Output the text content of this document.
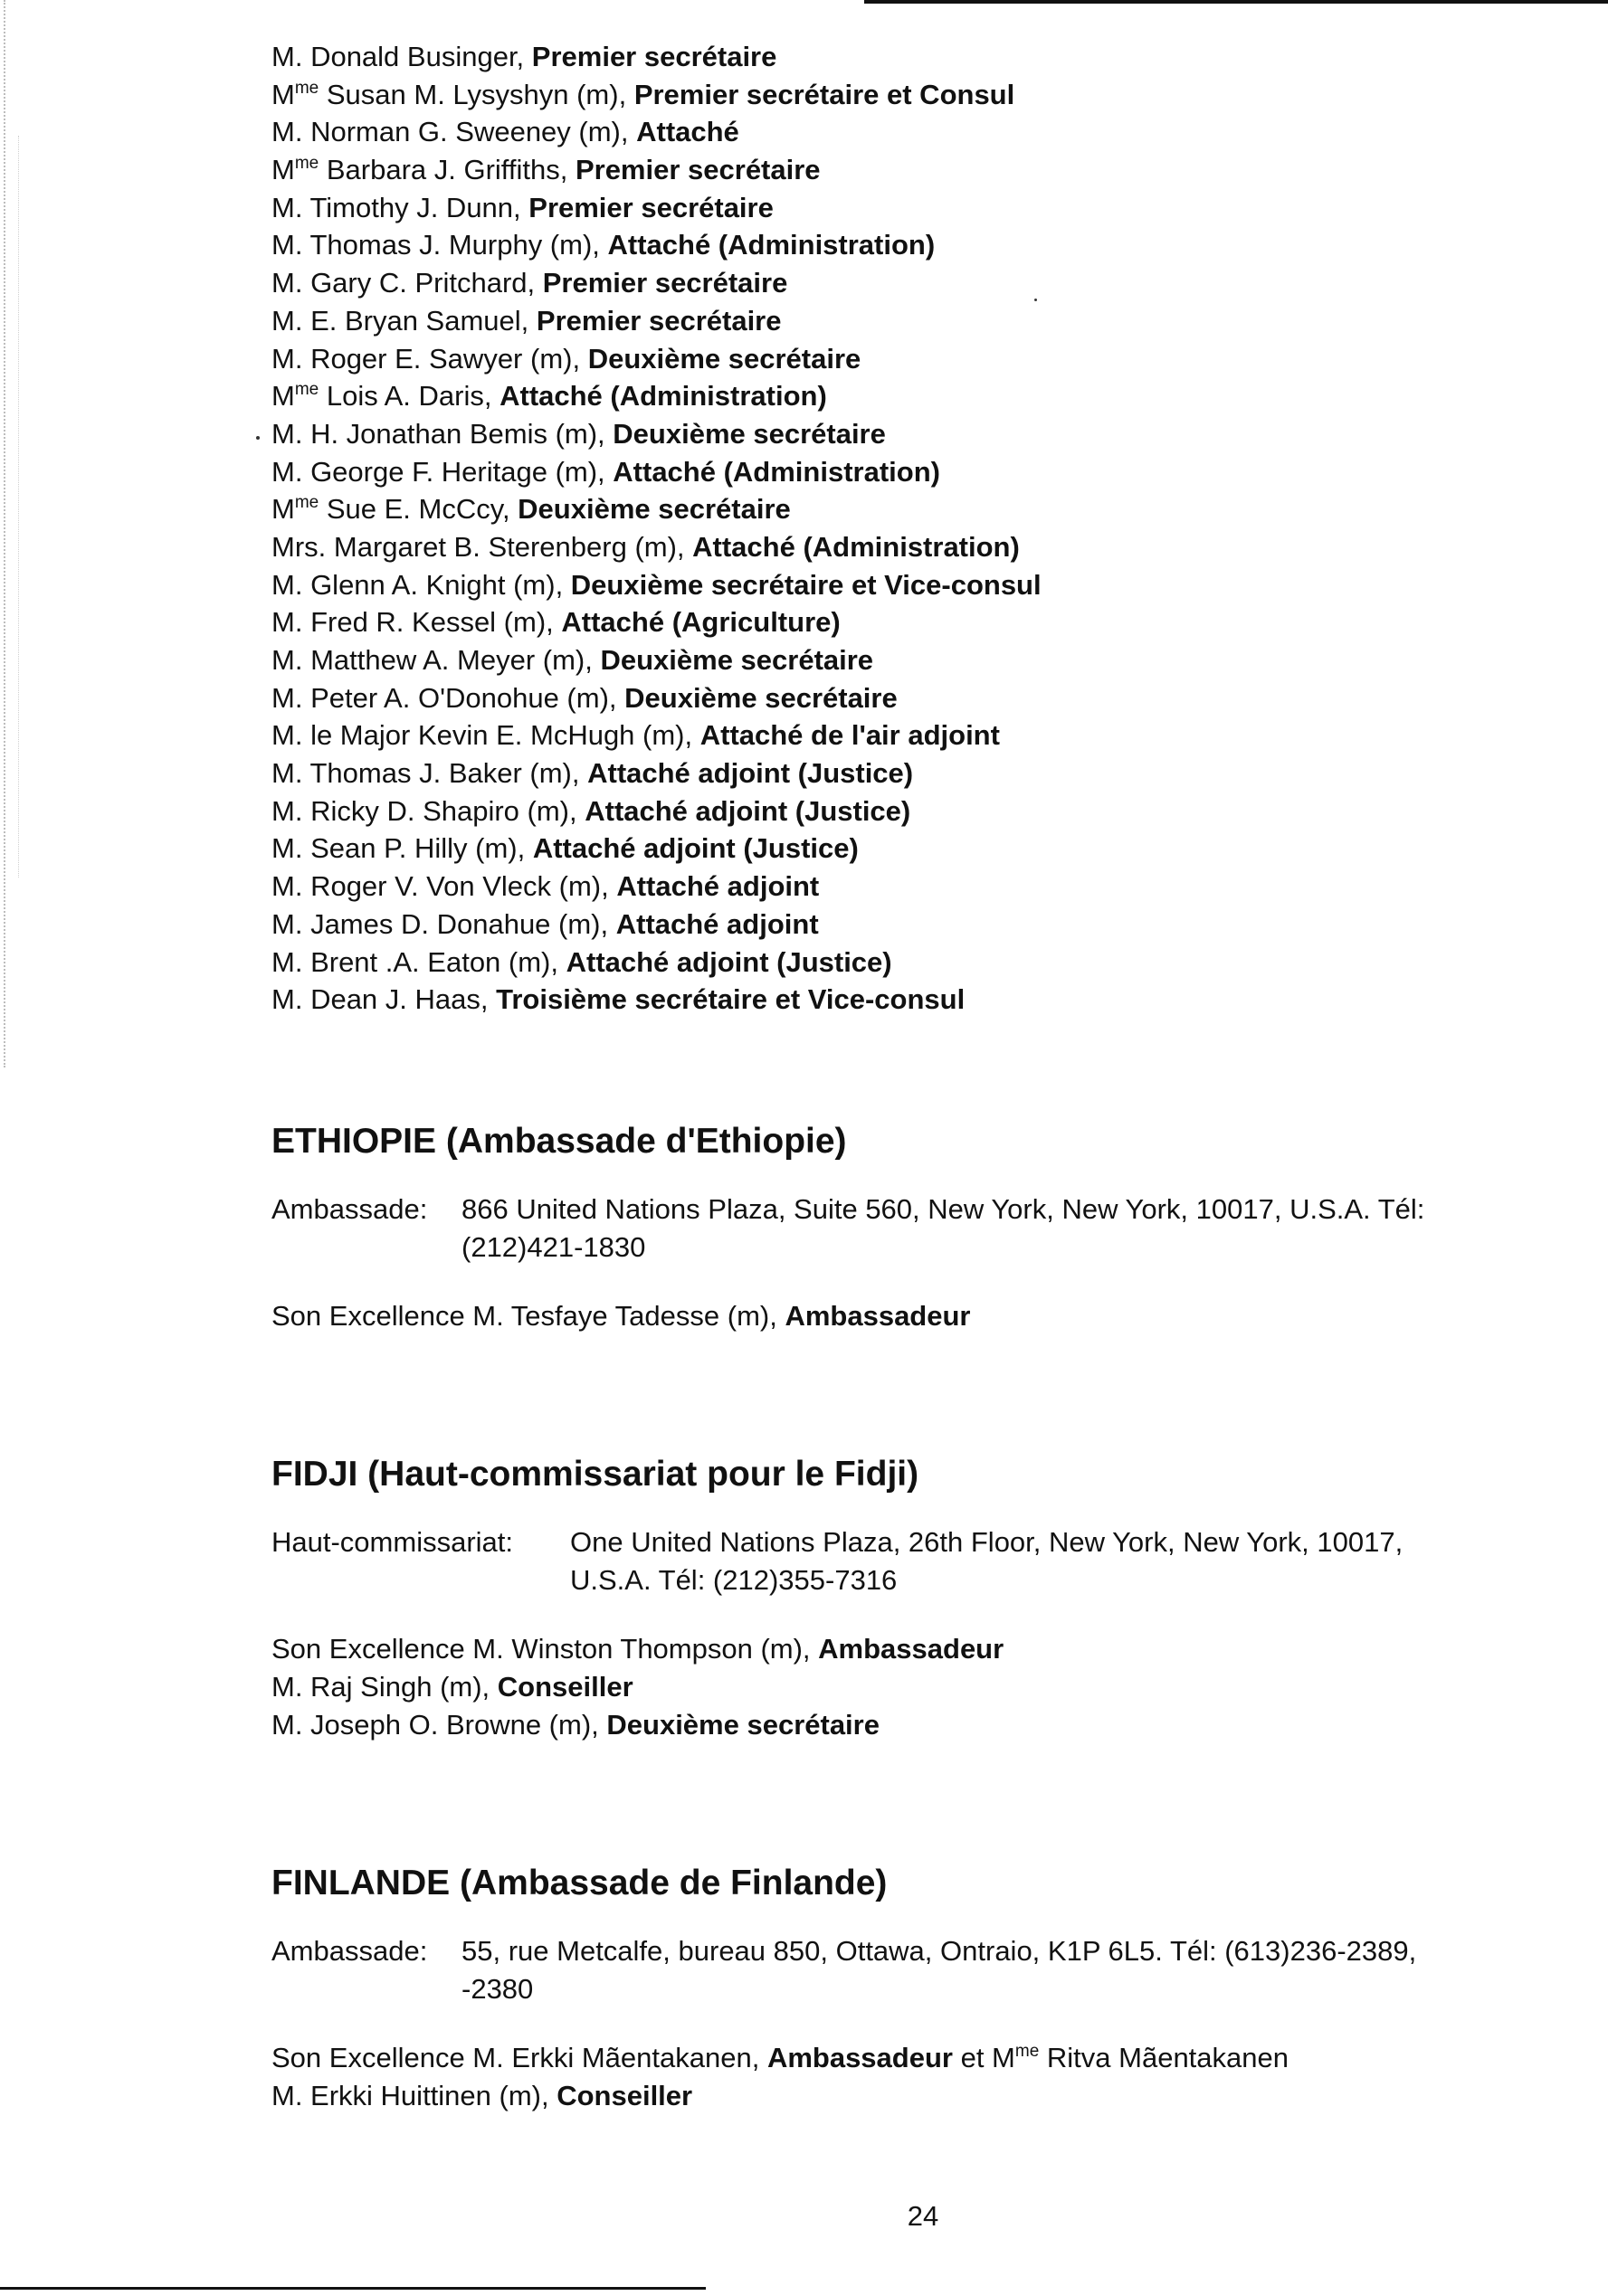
M. Donald Businger, Premier secrétaire
$M^{me}$ Susan M. Lysyshyn (m), Premier secrétaire et Consul
M. Norman G. Sweeney (m), Attaché
$M^{me}$ Barbara J. Griffiths, Premier secrétaire
M. Timothy J. Dunn, Premier secrétaire
M. Thomas J. Murphy (m), Attaché (Administration)
M. Gary C. Pritchard, Premier secrétaire
M. E. Bryan Samuel, Premier secrétaire
M. Roger E. Sawyer (m), Deuxième secrétaire
$M^{me}$ Lois A. Daris, Attaché (Administration)
M. H. Jonathan Bemis (m), Deuxième secrétaire
M. George F. Heritage (m), Attaché (Administration)
$M^{me}$ Sue E. McCcy, Deuxième secrétaire
Mrs. Margaret B. Sterenberg (m), Attaché (Administration)
M. Glenn A. Knight (m), Deuxième secrétaire et Vice-consul
M. Fred R. Kessel (m), Attaché (Agriculture)
M. Matthew A. Meyer (m), Deuxième secrétaire
M. Peter A. O'Donohue (m), Deuxième secrétaire
M. le Major Kevin E. McHugh (m), Attaché de l'air adjoint
M. Thomas J. Baker (m), Attaché adjoint (Justice)
M. Ricky D. Shapiro (m), Attaché adjoint (Justice)
M. Sean P. Hilly (m), Attaché adjoint (Justice)
M. Roger V. Von Vleck (m), Attaché adjoint
M. James D. Donahue (m), Attaché adjoint
M. Brent .A. Eaton (m), Attaché adjoint (Justice)
M. Dean J. Haas, Troisième secrétaire et Vice-consul
ETHIOPIE (Ambassade d'Ethiopie)
Ambassade: 866 United Nations Plaza, Suite 560, New York, New York, 10017, U.S.A. Tél:
(212)421-1830
Son Excellence M. Tesfaye Tadesse (m), Ambassadeur
FIDJI (Haut-commissariat pour le Fidji)
Haut-commissariat: One United Nations Plaza, 26th Floor, New York, New York, 10017,
U.S.A. Tél: (212)355-7316
Son Excellence M. Winston Thompson (m), Ambassadeur
M. Raj Singh (m), Conseiller
M. Joseph O. Browne (m), Deuxième secrétaire
FINLANDE (Ambassade de Finlande)
Ambassade: 55, rue Metcalfe, bureau 850, Ottawa, Ontraio, K1P 6L5. Tél: (613)236-2389,
-2380
Son Excellence M. Erkki Mãentakanen, Ambassadeur et $M^{me}$ Ritva Mãentakanen
M. Erkki Huittinen (m), Conseiller
24
